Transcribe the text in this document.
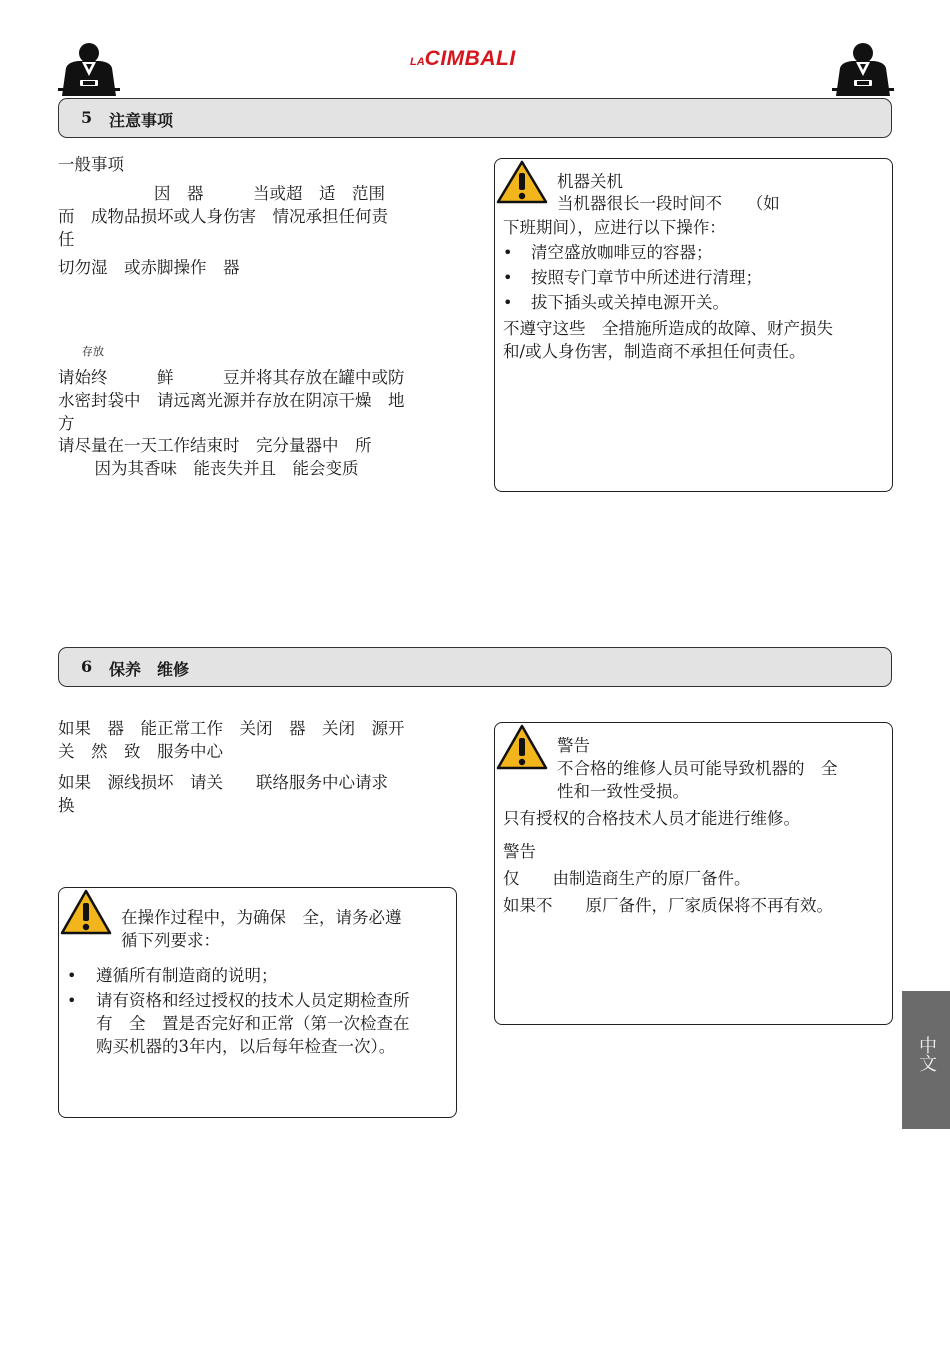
LACIMBALI
5 注意事项
一般事项
因　器　　　当或超　适　范围
而　成物品损坏或人身伤害　情况承担任何责
任
切勿湿　或赤脚操作　器
存放
请始终　　　鲜　　　豆并将其存放在罐中或防
水密封袋中　请远离光源并存放在阴凉干燥　地
方
请尽量在一天工作结束时　完分量器中　所
　因为其香味　能丧失并且　能会变质
机器关机
当机器很长一段时间不　　（如
下班期间），应进行以下操作：
• 清空盛放咖啡豆的容器；
• 按照专门章节中所述进行清理；
• 拔下插头或关掉电源开关。
不遵守这些　全措施所造成的故障、财产损失
和/或人身伤害，制造商不承担任何责任。
6 保养　维修
如果　器　能正常工作　关闭　器　关闭　源开
关　然　致　服务中心
如果　源线损坏　请关　　联络服务中心请求
换
在操作过程中，为确保　全，请务必遵
循下列要求：
• 遵循所有制造商的说明；
• 请有资格和经过授权的技术人员定期检查所
有　全　置是否完好和正常（第一次检查在
购买机器的3年内，以后每年检查一次）。
警告
不合格的维修人员可能导致机器的　全
性和一致性受损。
只有授权的合格技术人员才能进行维修。
警告
仅　　由制造商生产的原厂备件。
如果不　　原厂备件，厂家质保将不再有效。
中文
